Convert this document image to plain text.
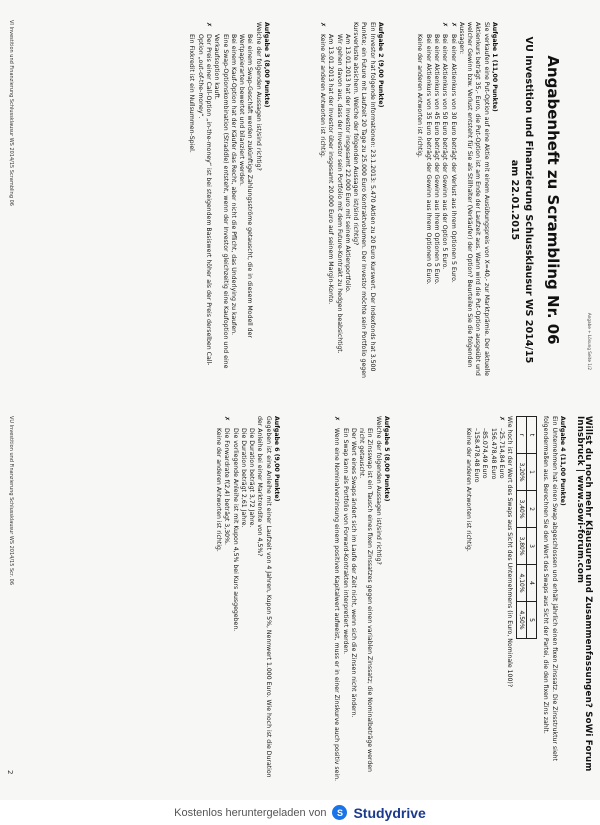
Angabe + Lösung Seite 1/2
Angabenheft zu Scrambling Nr. 06
VU Investition und Finanzierung Schlussklausur WS 2014/15
am 22.01.2015
Aufgabe 1 (11,00 Punkte)
Sie verkaufen eine Put-Option auf eine Aktie mit einem Ausübungspreis von X=40,- zur Marktprämie. Der aktuelle Aktienkurs beträgt 35,- Euro, die Put-Option ist am Ende der Laufzeit aus. Wann wird die Put-Option ausgeübt und welcher Gewinn bzw. Verlust entsteht für Sie als Stillhalter (Verkäufer) der Option? Beurteilen Sie die folgenden Aussagen:
✗
Bei einer Aktienkurs von 30 Euro beträgt der Verlust aus Ihrem Optionen 5 Euro.
✗
Bei einer Aktienkurs von 50 Euro beträgt der Gewinn aus der Option 5 Euro.
Bei einer Aktienkurs von 45 Euro beträgt der Gewinn aus Ihrem Optionen 5 Euro.
Bei einer Aktienkurs von 35 Euro beträgt der Gewinn aus Ihrem Optionen 0 Euro.
Keine der anderen Antworten ist richtig.
Aufgabe 2 (9,00 Punkte)
Ein Investor hat folgende Informationen: 23.1.2013: 5.470 Aktien zu 20 Euro Kurswert. Der Indexfonds hat 3.500 Punkte; ein Future mit Laufzeit 20 Tage zu 25.000 Euro Kontraktvolumen. Der Investor möchte sein Portfolio gegen Kursverluste absichern. Welche der folgenden Aussagen ist/sind richtig?
Am 13.01.2013 hat der Investor insgesamt 22.000 Euro mit seinem Aktienportfolio.
Wir gehen davon aus, dass der Investor sein Portfolio mit dem Future-Kontrakt zu hedgen beabsichtigt.
Am 13.01.2013 hat der Investor über insgesamt 20.000 Euro auf seinem Margin-Konto.
✗
Keine der anderen Antworten ist richtig.
Aufgabe 3 (8,00 Punkte)
Welche der folgenden Aussagen ist/sind richtig?
Bei einem Swap-Geschäft werden zukünftige Zahlungsströme getauscht, die in diesem Modell der Wertpapierarten bewertet und bilanziert werden.
Bei einem Kauf-Option hat der Käufer das Recht, aber nicht die Pflicht, das Underlying zu kaufen.
Eine Swap-Optionskombination (Straddle) entsteht, wenn der Investor gleichzeitig eine Kaufoption und eine Verkaufsoption kauft.
✗
Der Preis einer Call-Option „in-the-money“ ist bei steigendem Basiswert höher als der Preis derselben Call-Option „out-of-the-money“.
Ein Fixkredit ist ein Nullsummen-Spiel.
VI Investition und Finanzierung Schlussklausur WS 2014/15 Scrambling 06
Willst du noch mehr Klausuren und Zusammenfassungen? SoWi Forum Innsbruck | www.sowi-forum.com
Aufgabe 4 (11,00 Punkte)
Ein Unternehmen hat einen Swap abgeschlossen und erhält jährlich einen fixen Zinssatz. Die Zinsstruktur sieht folgendermaßen aus. Berechnen Sie den Wert des Swaps aus Sicht der Partei, die den fixen Zins zahlt.
t	1	2	3	4	5
r	3,20%	3,40%	3,80%	4,10%	4,50%
Wie hoch ist der Wert des Swaps aus Sicht des Unternehmens (in Euro, Nominale 100)?
✗
–25.714,84 Euro
156.478,48 Euro
–85.074,49 Euro
–158.478,48 Euro
Keine der anderen Antworten ist richtig.
Aufgabe 5 (8,00 Punkte)
Welche der folgenden Aussagen ist/sind richtig?
Ein Zinsswap ist ein Tausch eines fixen Zinssatzes gegen einen variablen Zinssatz; die Nominalbeträge werden nicht getauscht.
Der Wert eines Swaps ändert sich im Laufe der Zeit nicht, wenn sich die Zinsen nicht ändern.
Ein Swap kann als Portfolio von Forward-Kontrakten interpretiert werden.
✗
Wenn eine Nominalverzinsung einem positiven Kapitalwert aufweist, muss er in einer Zinskurve auch positiv sein.
Aufgabe 6 (9,00 Punkte)
Gegeben ist eine Anleihe mit einer Laufzeit von 4 Jahren, Kupon 5%, Nennwert 1.000 Euro. Wie hoch ist die Duration der Anleihe bei einer Marktrendite von 4,5%?
Die Duration beträgt 3,72 Jahre.
Die Duration beträgt 2,61 Jahre.
Die vorliegende Anleihe ist mit Kupon 4,5% bei Kurs ausgegeben.
✗
Die Forwardrate f(2,4) beträgt 3,30%.
Keine der anderen Antworten ist richtig.
VU Investition und Finanzierung Schlussklausur WS 2014/15 Scr. 06
2
Kostenlos heruntergeladen von	S Studydrive
